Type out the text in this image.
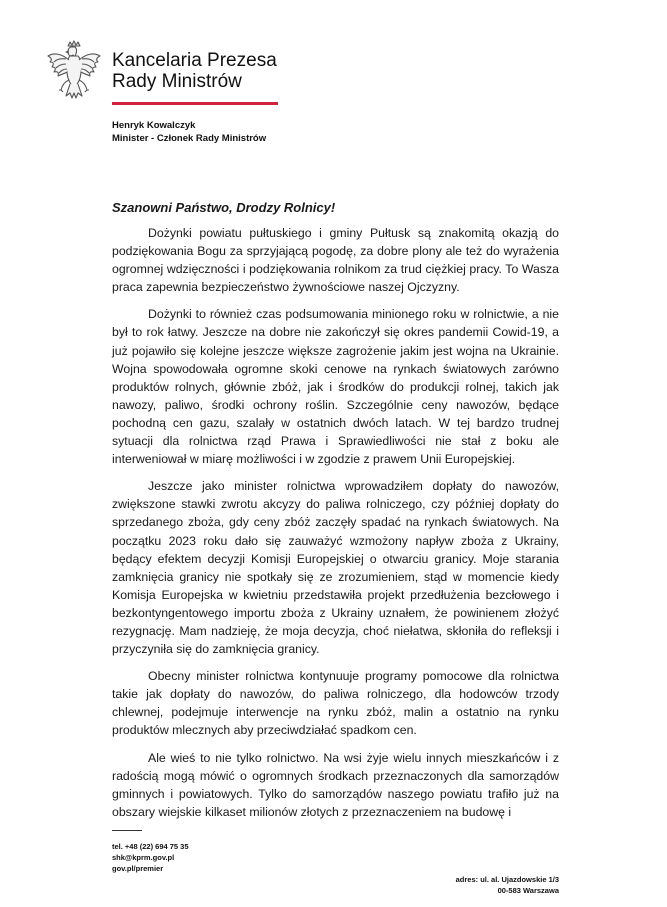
Kancelaria Prezesa
Rady Ministrów
Henryk Kowalczyk
Minister - Członek Rady Ministrów
Szanowni Państwo, Drodzy Rolnicy!

Dożynki powiatu pułtuskiego i gminy Pułtusk są znakomitą okazją do podziękowania Bogu za sprzyjającą pogodę, za dobre plony ale też do wyrażenia ogromnej wdzięczności i podziękowania rolnikom za trud ciężkiej pracy. To Wasza praca zapewnia bezpieczeństwo żywnościowe naszej Ojczyzny.

Dożynki to również czas podsumowania minionego roku w rolnictwie, a nie był to rok łatwy. Jeszcze na dobre nie zakończył się okres pandemii Cowid-19, a już pojawiło się kolejne jeszcze większe zagrożenie jakim jest wojna na Ukrainie. Wojna spowodowała ogromne skoki cenowe na rynkach światowych zarówno produktów rolnych, głównie zbóż, jak i środków do produkcji rolnej, takich jak nawozy, paliwo, środki ochrony roślin. Szczególnie ceny nawozów, będące pochodną cen gazu, szalały w ostatnich dwóch latach. W tej bardzo trudnej sytuacji dla rolnictwa rząd Prawa i Sprawiedliwości nie stał z boku ale interweniował w miarę możliwości i w zgodzie z prawem Unii Europejskiej.

Jeszcze jako minister rolnictwa wprowadziłem dopłaty do nawozów, zwiększone stawki zwrotu akcyzy do paliwa rolniczego, czy później dopłaty do sprzedanego zboża, gdy ceny zbóż zaczęły spadać na rynkach światowych. Na początku 2023 roku dało się zauważyć wzmożony napływ zboża z Ukrainy, będący efektem decyzji Komisji Europejskiej o otwarciu granicy. Moje starania zamknięcia granicy nie spotkały się ze zrozumieniem, stąd w momencie kiedy Komisja Europejska w kwietniu przedstawiła projekt przedłużenia bezcłowego i bezkontyngentowego importu zboża z Ukrainy uznałem, że powinienem złożyć rezygnację. Mam nadzieję, że moja decyzja, choć niełatwa, skłoniła do refleksji i przyczyniła się do zamknięcia granicy.

Obecny minister rolnictwa kontynuuje programy pomocowe dla rolnictwa takie jak dopłaty do nawozów, do paliwa rolniczego, dla hodowców trzody chlewnej, podejmuje interwencje na rynku zbóż, malin a ostatnio na rynku produktów mlecznych aby przeciwdziałać spadkom cen.

Ale wieś to nie tylko rolnictwo. Na wsi żyje wielu innych mieszkańców i z radością mogą mówić o ogromnych środkach przeznaczonych dla samorządów gminnych i powiatowych. Tylko do samorządów naszego powiatu trafiło już na obszary wiejskie kilkaset milionów złotych z przeznaczeniem na budowę i

tel. +48 (22) 694 75 35
shk@kprm.gov.pl
gov.pl/premier
adres: ul. al. Ujazdowskie 1/3
00-583 Warszawa
